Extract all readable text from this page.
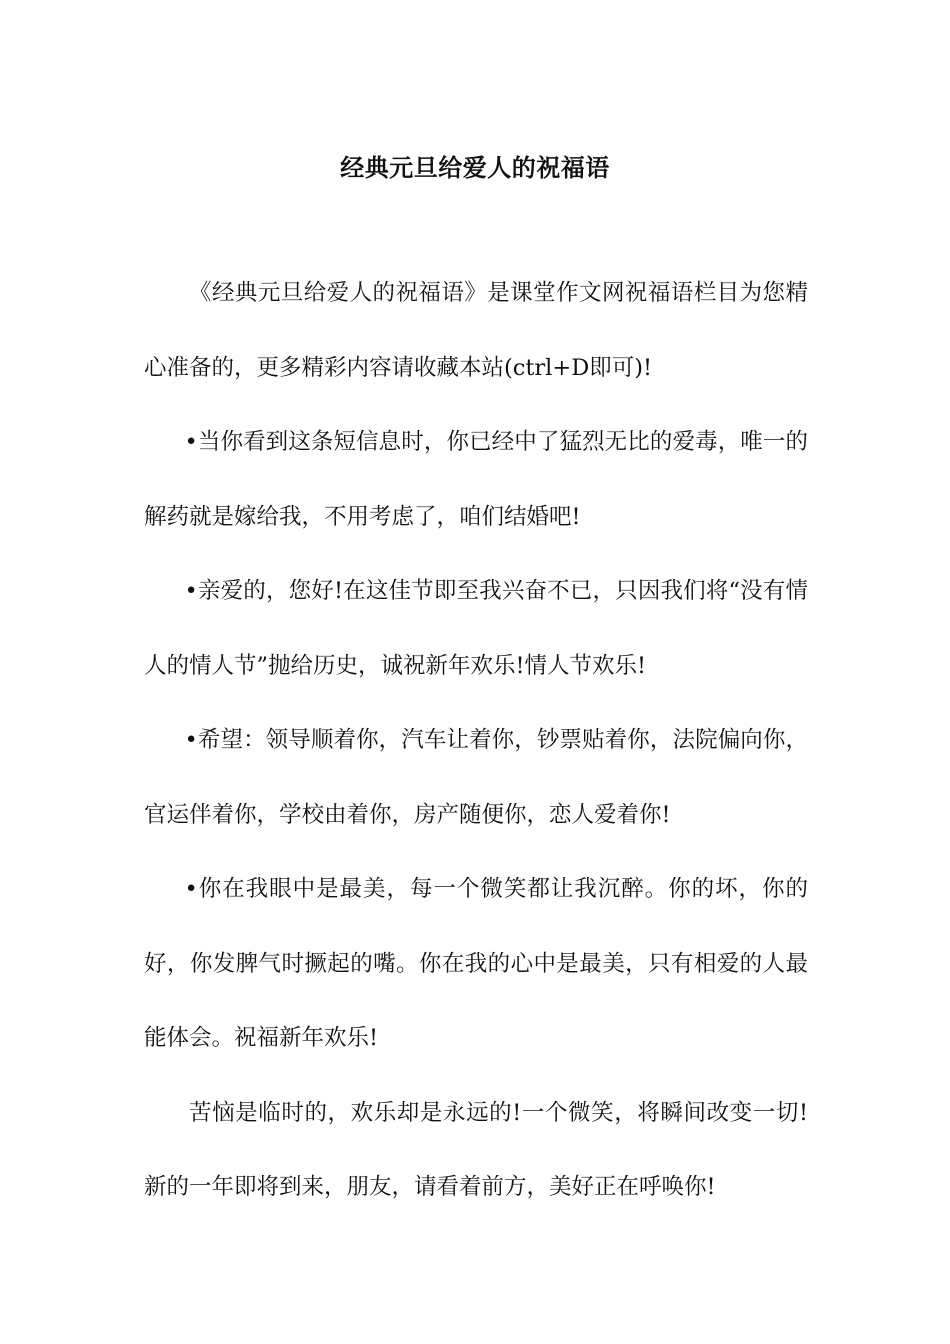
经典元旦给爱人的祝福语

《经典元旦给爱人的祝福语》是课堂作文网祝福语栏目为您精心准备的，更多精彩内容请收藏本站(ctrl+D即可)!

•当你看到这条短信息时，你已经中了猛烈无比的爱毒，唯一的解药就是嫁给我，不用考虑了，咱们结婚吧!

•亲爱的，您好!在这佳节即至我兴奋不已，只因我们将“没有情人的情人节”抛给历史，诚祝新年欢乐!情人节欢乐!

•希望：领导顺着你，汽车让着你，钞票贴着你，法院偏向你，官运伴着你，学校由着你，房产随便你，恋人爱着你!

•你在我眼中是最美，每一个微笑都让我沉醉。你的坏，你的好，你发脾气时撅起的嘴。你在我的心中是最美，只有相爱的人最能体会。祝福新年欢乐!

苦恼是临时的，欢乐却是永远的!一个微笑，将瞬间改变一切!新的一年即将到来，朋友，请看着前方，美好正在呼唤你!
